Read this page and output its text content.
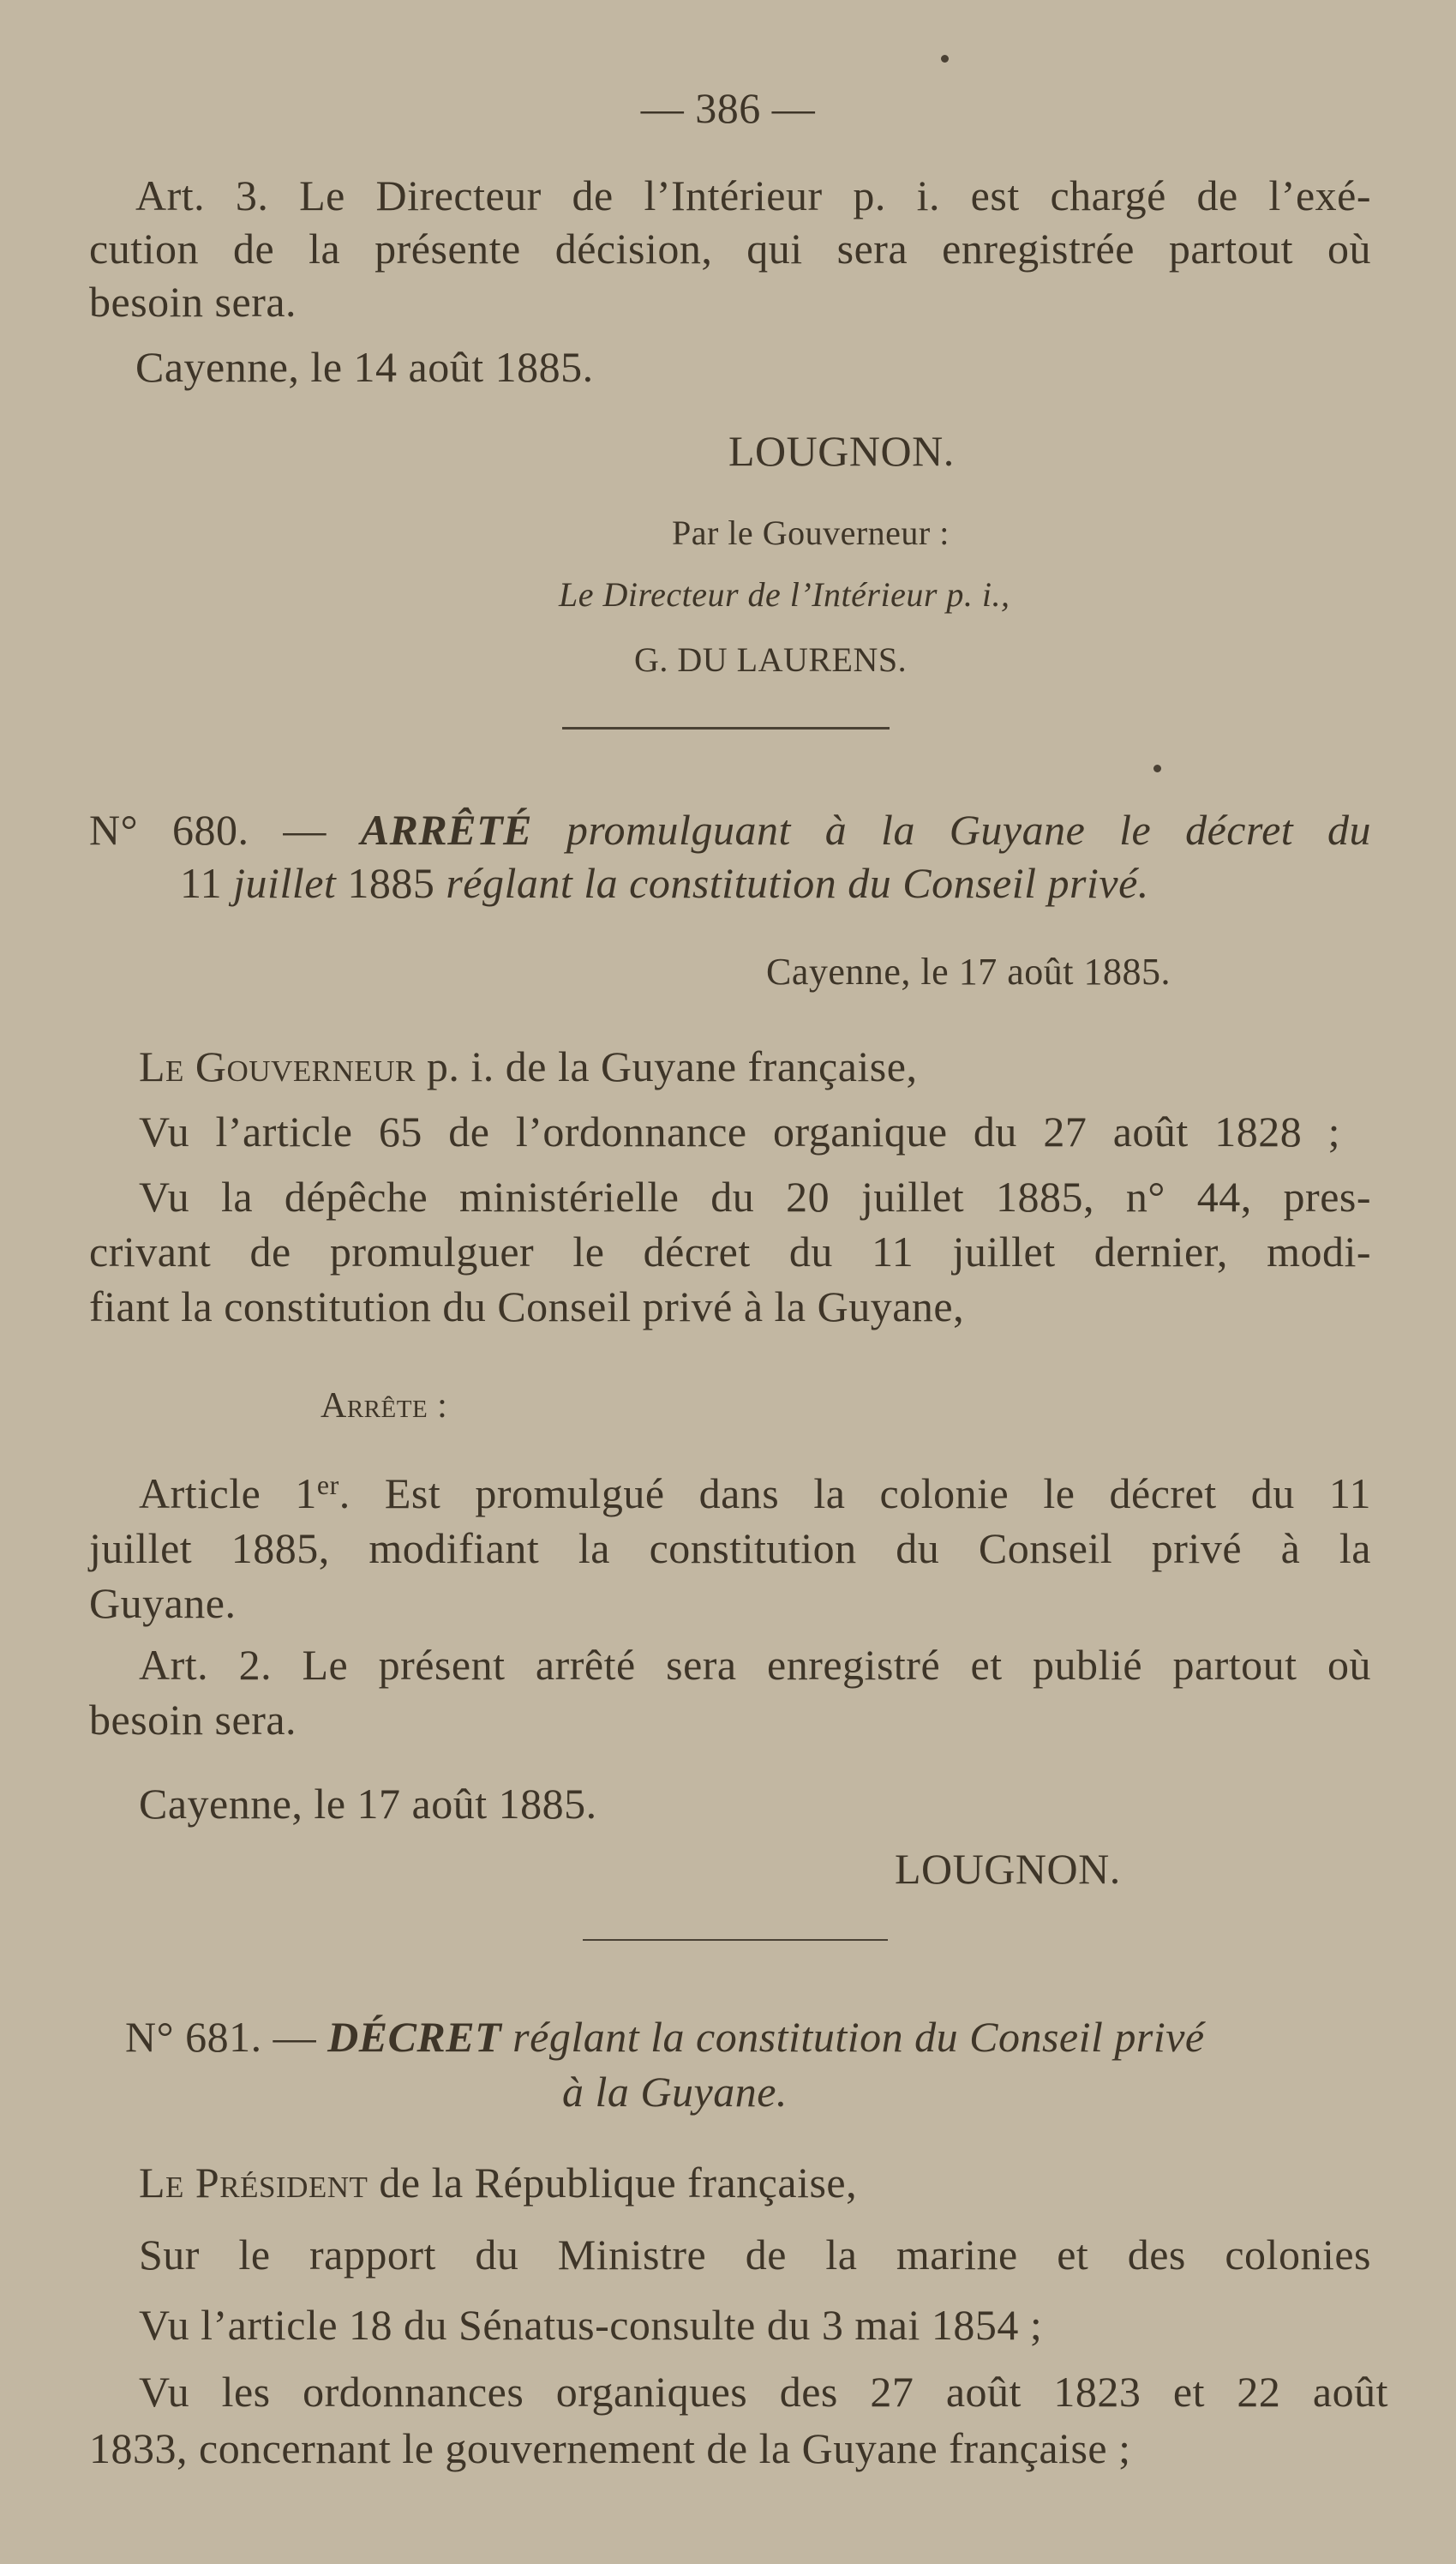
— 386 —
Art. 3. Le Directeur de l’Intérieur p. i. est chargé de l’exé-
cution de la présente décision, qui sera enregistrée partout où
besoin sera.
Cayenne, le 14 août 1885.
LOUGNON.
Par le Gouverneur :
Le Directeur de l’Intérieur p. i.,
G. DU LAURENS.
N° 680. — ARRÊTÉ promulguant à la Guyane le décret du
11 juillet 1885 réglant la constitution du Conseil privé.
Cayenne, le 17 août 1885.
Le Gouverneur p. i. de la Guyane française,
Vu l’article 65 de l’ordonnance organique du 27 août 1828 ;
Vu la dépêche ministérielle du 20 juillet 1885, n° 44, pres-
crivant de promulguer le décret du 11 juillet dernier, modi-
fiant la constitution du Conseil privé à la Guyane,
Arrête :
Article 1er. Est promulgué dans la colonie le décret du 11
juillet 1885, modifiant la constitution du Conseil privé à la
Guyane.
Art. 2. Le présent arrêté sera enregistré et publié partout où
besoin sera.
Cayenne, le 17 août 1885.
LOUGNON.
N° 681. — DÉCRET réglant la constitution du Conseil privé
à la Guyane.
Le Président de la République française,
Sur le rapport du Ministre de la marine et des colonies
Vu l’article 18 du Sénatus-consulte du 3 mai 1854 ;
Vu les ordonnances organiques des 27 août 1823 et 22 août
1833, concernant le gouvernement de la Guyane française ;
